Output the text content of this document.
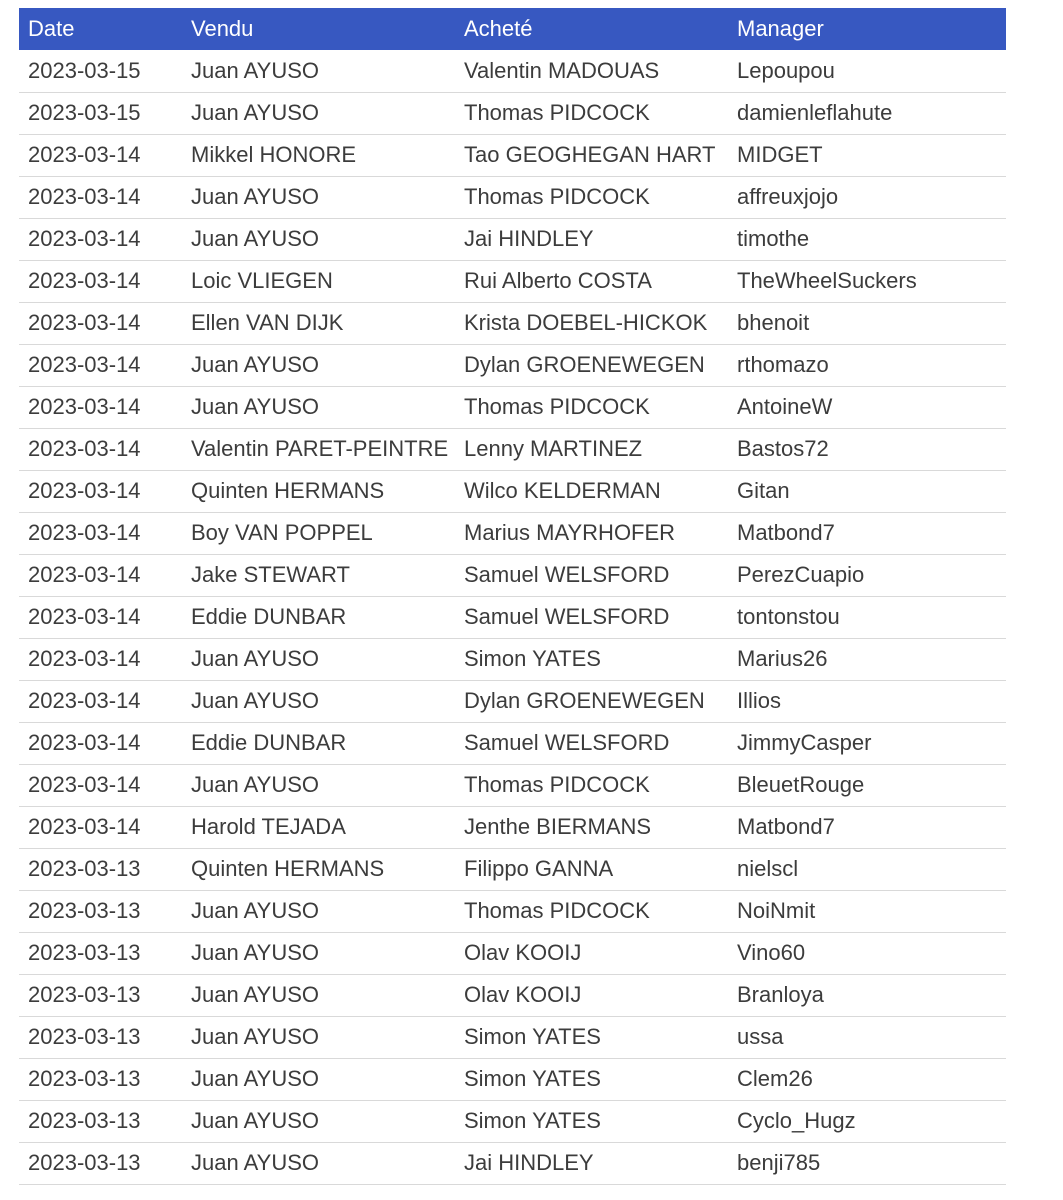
Date	Vendu	Acheté	Manager
2023-03-15	Juan AYUSO	Valentin MADOUAS	Lepoupou
2023-03-15	Juan AYUSO	Thomas PIDCOCK	damienleflahute
2023-03-14	Mikkel HONORE	Tao GEOGHEGAN HART	MIDGET
2023-03-14	Juan AYUSO	Thomas PIDCOCK	affreuxjojo
2023-03-14	Juan AYUSO	Jai HINDLEY	timothe
2023-03-14	Loic VLIEGEN	Rui Alberto COSTA	TheWheelSuckers
2023-03-14	Ellen VAN DIJK	Krista DOEBEL-HICKOK	bhenoit
2023-03-14	Juan AYUSO	Dylan GROENEWEGEN	rthomazo
2023-03-14	Juan AYUSO	Thomas PIDCOCK	AntoineW
2023-03-14	Valentin PARET-PEINTRE	Lenny MARTINEZ	Bastos72
2023-03-14	Quinten HERMANS	Wilco KELDERMAN	Gitan
2023-03-14	Boy VAN POPPEL	Marius MAYRHOFER	Matbond7
2023-03-14	Jake STEWART	Samuel WELSFORD	PerezCuapio
2023-03-14	Eddie DUNBAR	Samuel WELSFORD	tontonstou
2023-03-14	Juan AYUSO	Simon YATES	Marius26
2023-03-14	Juan AYUSO	Dylan GROENEWEGEN	Illios
2023-03-14	Eddie DUNBAR	Samuel WELSFORD	JimmyCasper
2023-03-14	Juan AYUSO	Thomas PIDCOCK	BleuetRouge
2023-03-14	Harold TEJADA	Jenthe BIERMANS	Matbond7
2023-03-13	Quinten HERMANS	Filippo GANNA	nielscl
2023-03-13	Juan AYUSO	Thomas PIDCOCK	NoiNmit
2023-03-13	Juan AYUSO	Olav KOOIJ	Vino60
2023-03-13	Juan AYUSO	Olav KOOIJ	Branloya
2023-03-13	Juan AYUSO	Simon YATES	ussa
2023-03-13	Juan AYUSO	Simon YATES	Clem26
2023-03-13	Juan AYUSO	Simon YATES	Cyclo_Hugz
2023-03-13	Juan AYUSO	Jai HINDLEY	benji785
